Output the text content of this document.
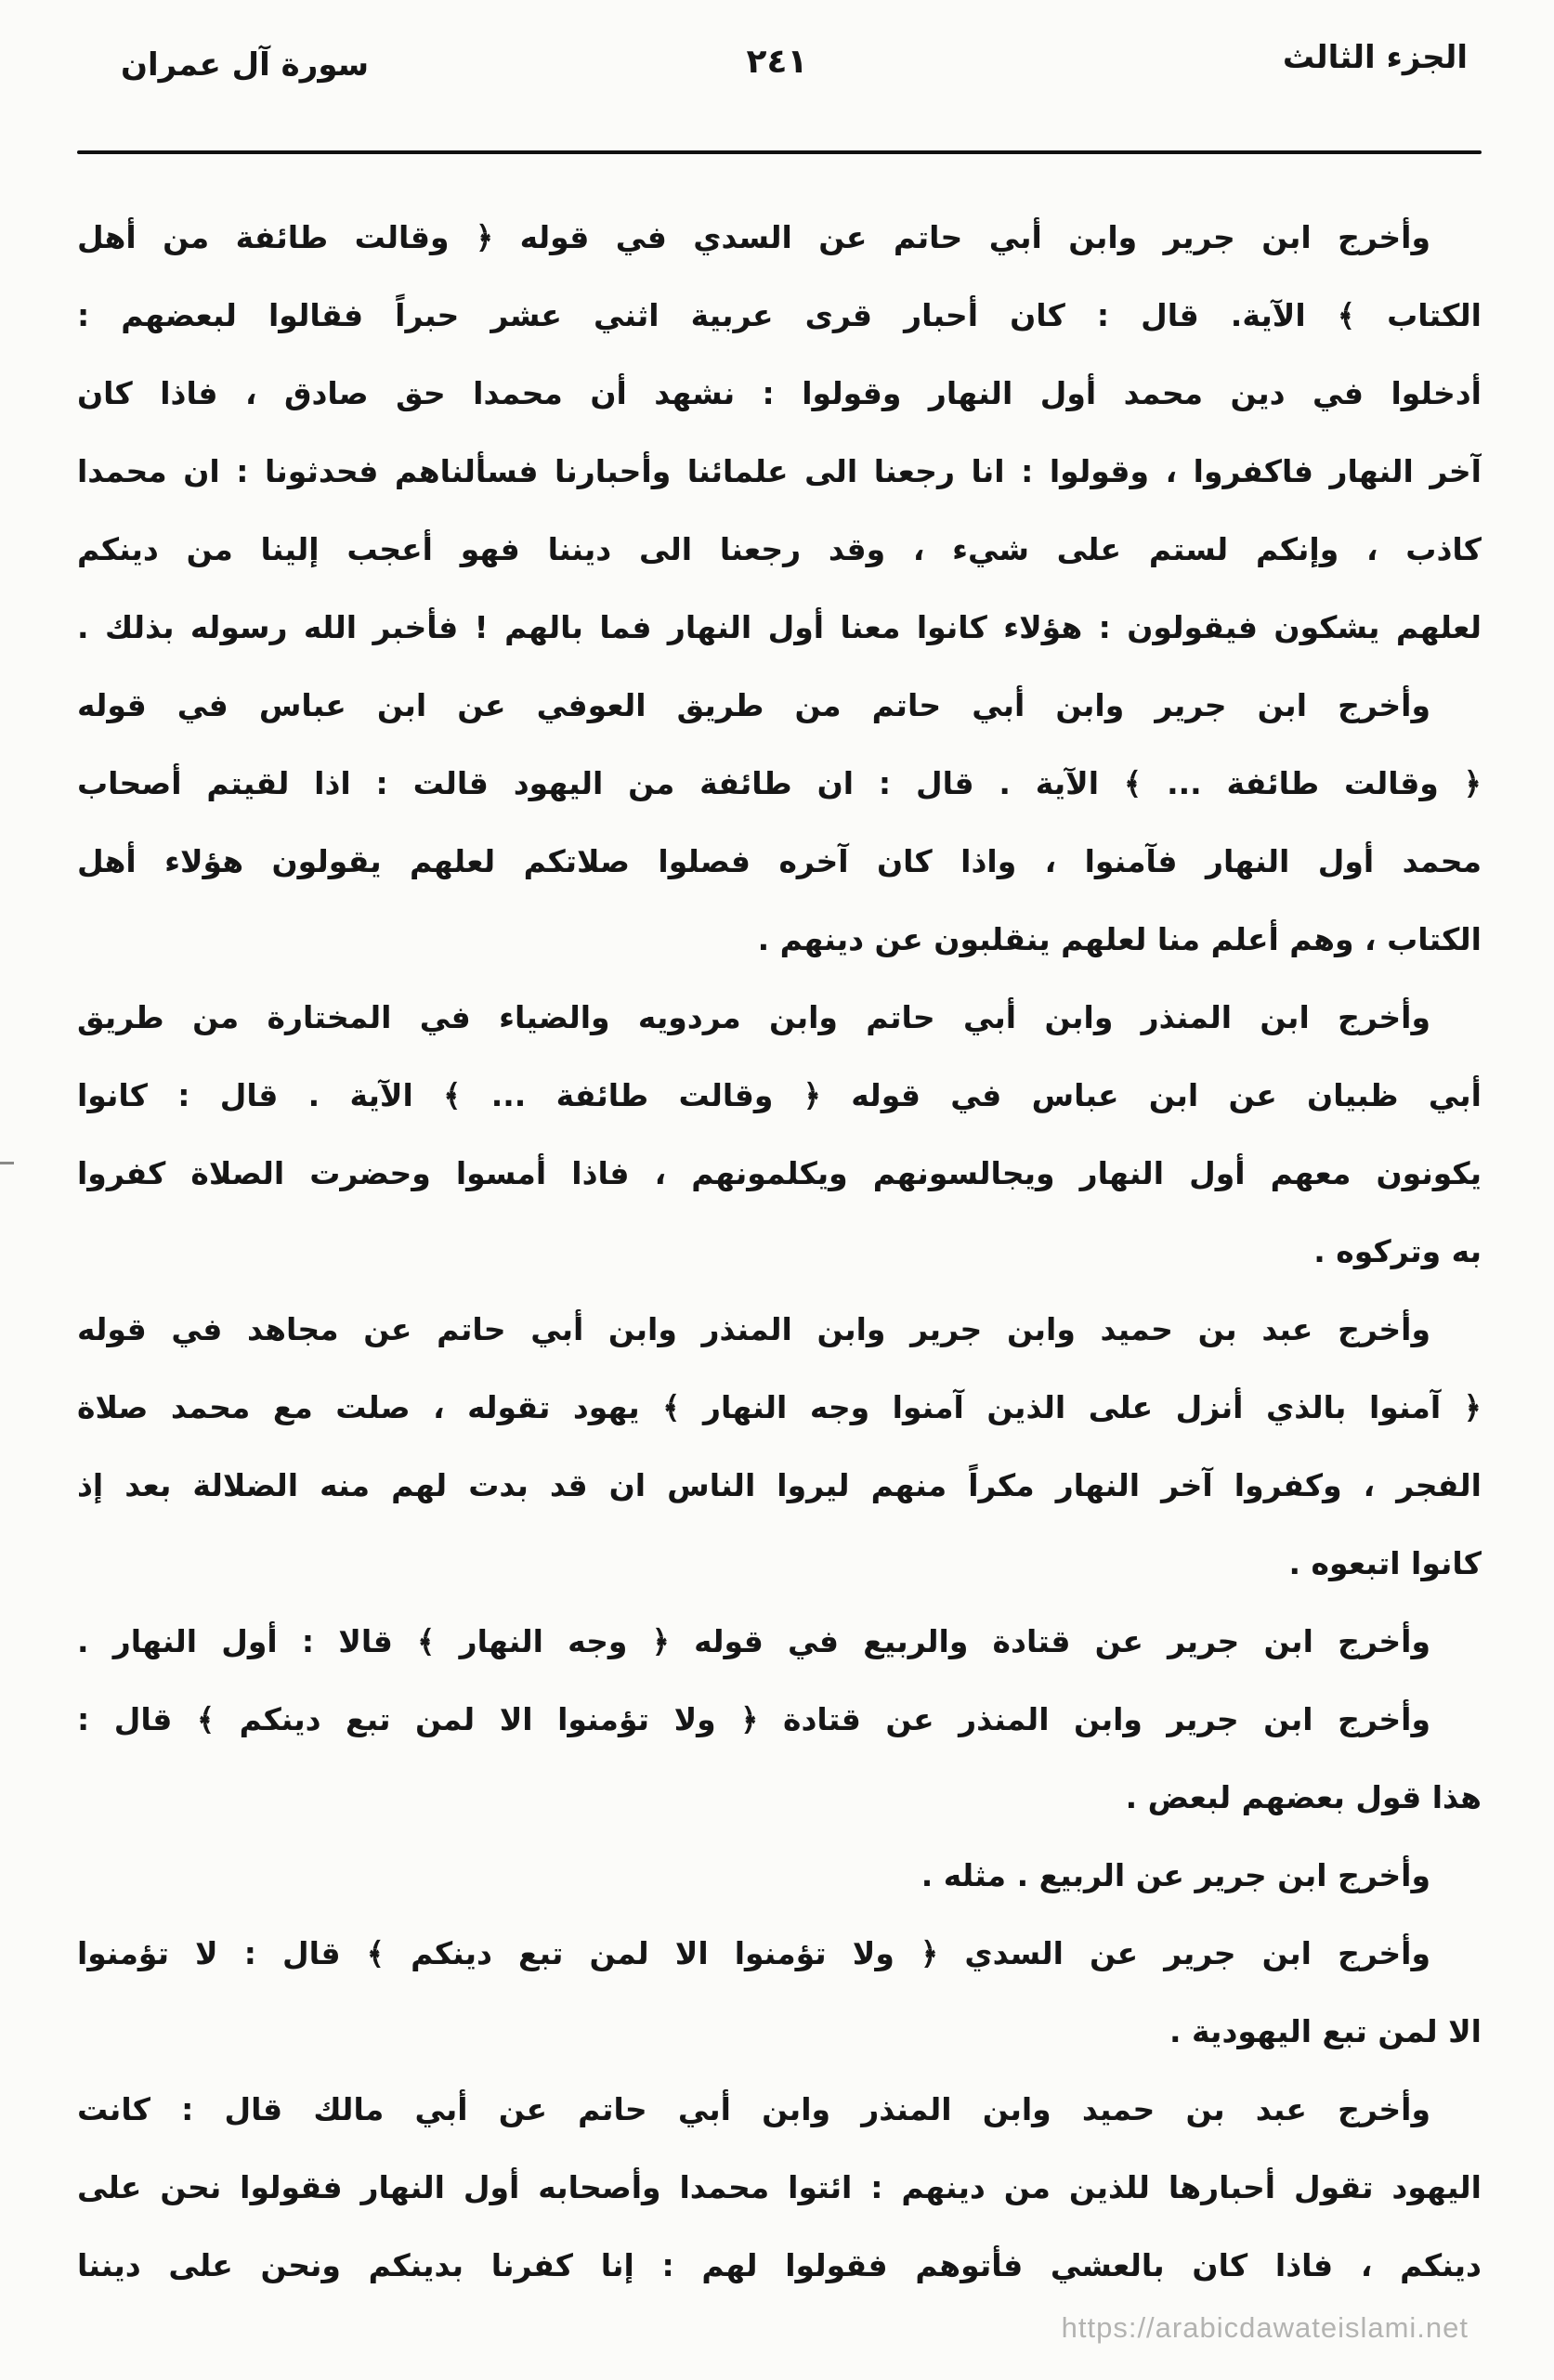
الجزء الثالث
٢٤١
سورة آل عمران
وأخرج ابن جرير وابن أبي حاتم عن السدي في قوله ﴿ وقالت طائفة من أهل
الكتاب ﴾ الآية. قال : كان أحبار قرى عربية اثني عشر حبراً فقالوا لبعضهم :
أدخلوا في دين محمد أول النهار وقولوا : نشهد أن محمدا حق صادق ، فاذا كان
آخر النهار فاكفروا ، وقولوا : انا رجعنا الى علمائنا وأحبارنا فسألناهم فحدثونا : ان محمدا
كاذب ، وإنكم لستم على شيء ، وقد رجعنا الى ديننا فهو أعجب إلينا من دينكم
لعلهم يشكون فيقولون : هؤلاء كانوا معنا أول النهار فما بالهم ! فأخبر الله رسوله بذلك .
وأخرج ابن جرير وابن أبي حاتم من طريق العوفي عن ابن عباس في قوله
﴿ وقالت طائفة ... ﴾ الآية . قال : ان طائفة من اليهود قالت : اذا لقيتم أصحاب
محمد أول النهار فآمنوا ، واذا كان آخره فصلوا صلاتكم لعلهم يقولون هؤلاء أهل
الكتاب ، وهم أعلم منا لعلهم ينقلبون عن دينهم .
وأخرج ابن المنذر وابن أبي حاتم وابن مردويه والضياء في المختارة من طريق
أبي ظبيان عن ابن عباس في قوله ﴿ وقالت طائفة ... ﴾ الآية . قال : كانوا
يكونون معهم أول النهار ويجالسونهم ويكلمونهم ، فاذا أمسوا وحضرت الصلاة كفروا
به وتركوه .
وأخرج عبد بن حميد وابن جرير وابن المنذر وابن أبي حاتم عن مجاهد في قوله
﴿ آمنوا بالذي أنزل على الذين آمنوا وجه النهار ﴾ يهود تقوله ، صلت مع محمد صلاة
الفجر ، وكفروا آخر النهار مكراً منهم ليروا الناس ان قد بدت لهم منه الضلالة بعد إذ
كانوا اتبعوه .
وأخرج ابن جرير عن قتادة والربيع في قوله ﴿ وجه النهار ﴾ قالا : أول النهار .
وأخرج ابن جرير وابن المنذر عن قتادة ﴿ ولا تؤمنوا الا لمن تبع دينكم ﴾ قال :
هذا قول بعضهم لبعض .
وأخرج ابن جرير عن الربيع . مثله .
وأخرج ابن جرير عن السدي ﴿ ولا تؤمنوا الا لمن تبع دينكم ﴾ قال : لا تؤمنوا
الا لمن تبع اليهودية .
وأخرج عبد بن حميد وابن المنذر وابن أبي حاتم عن أبي مالك قال : كانت
اليهود تقول أحبارها للذين من دينهم : ائتوا محمدا وأصحابه أول النهار فقولوا نحن على
دينكم ، فاذا كان بالعشي فأتوهم فقولوا لهم : إنا كفرنا بدينكم ونحن على ديننا
https://arabicdawateislami.net
